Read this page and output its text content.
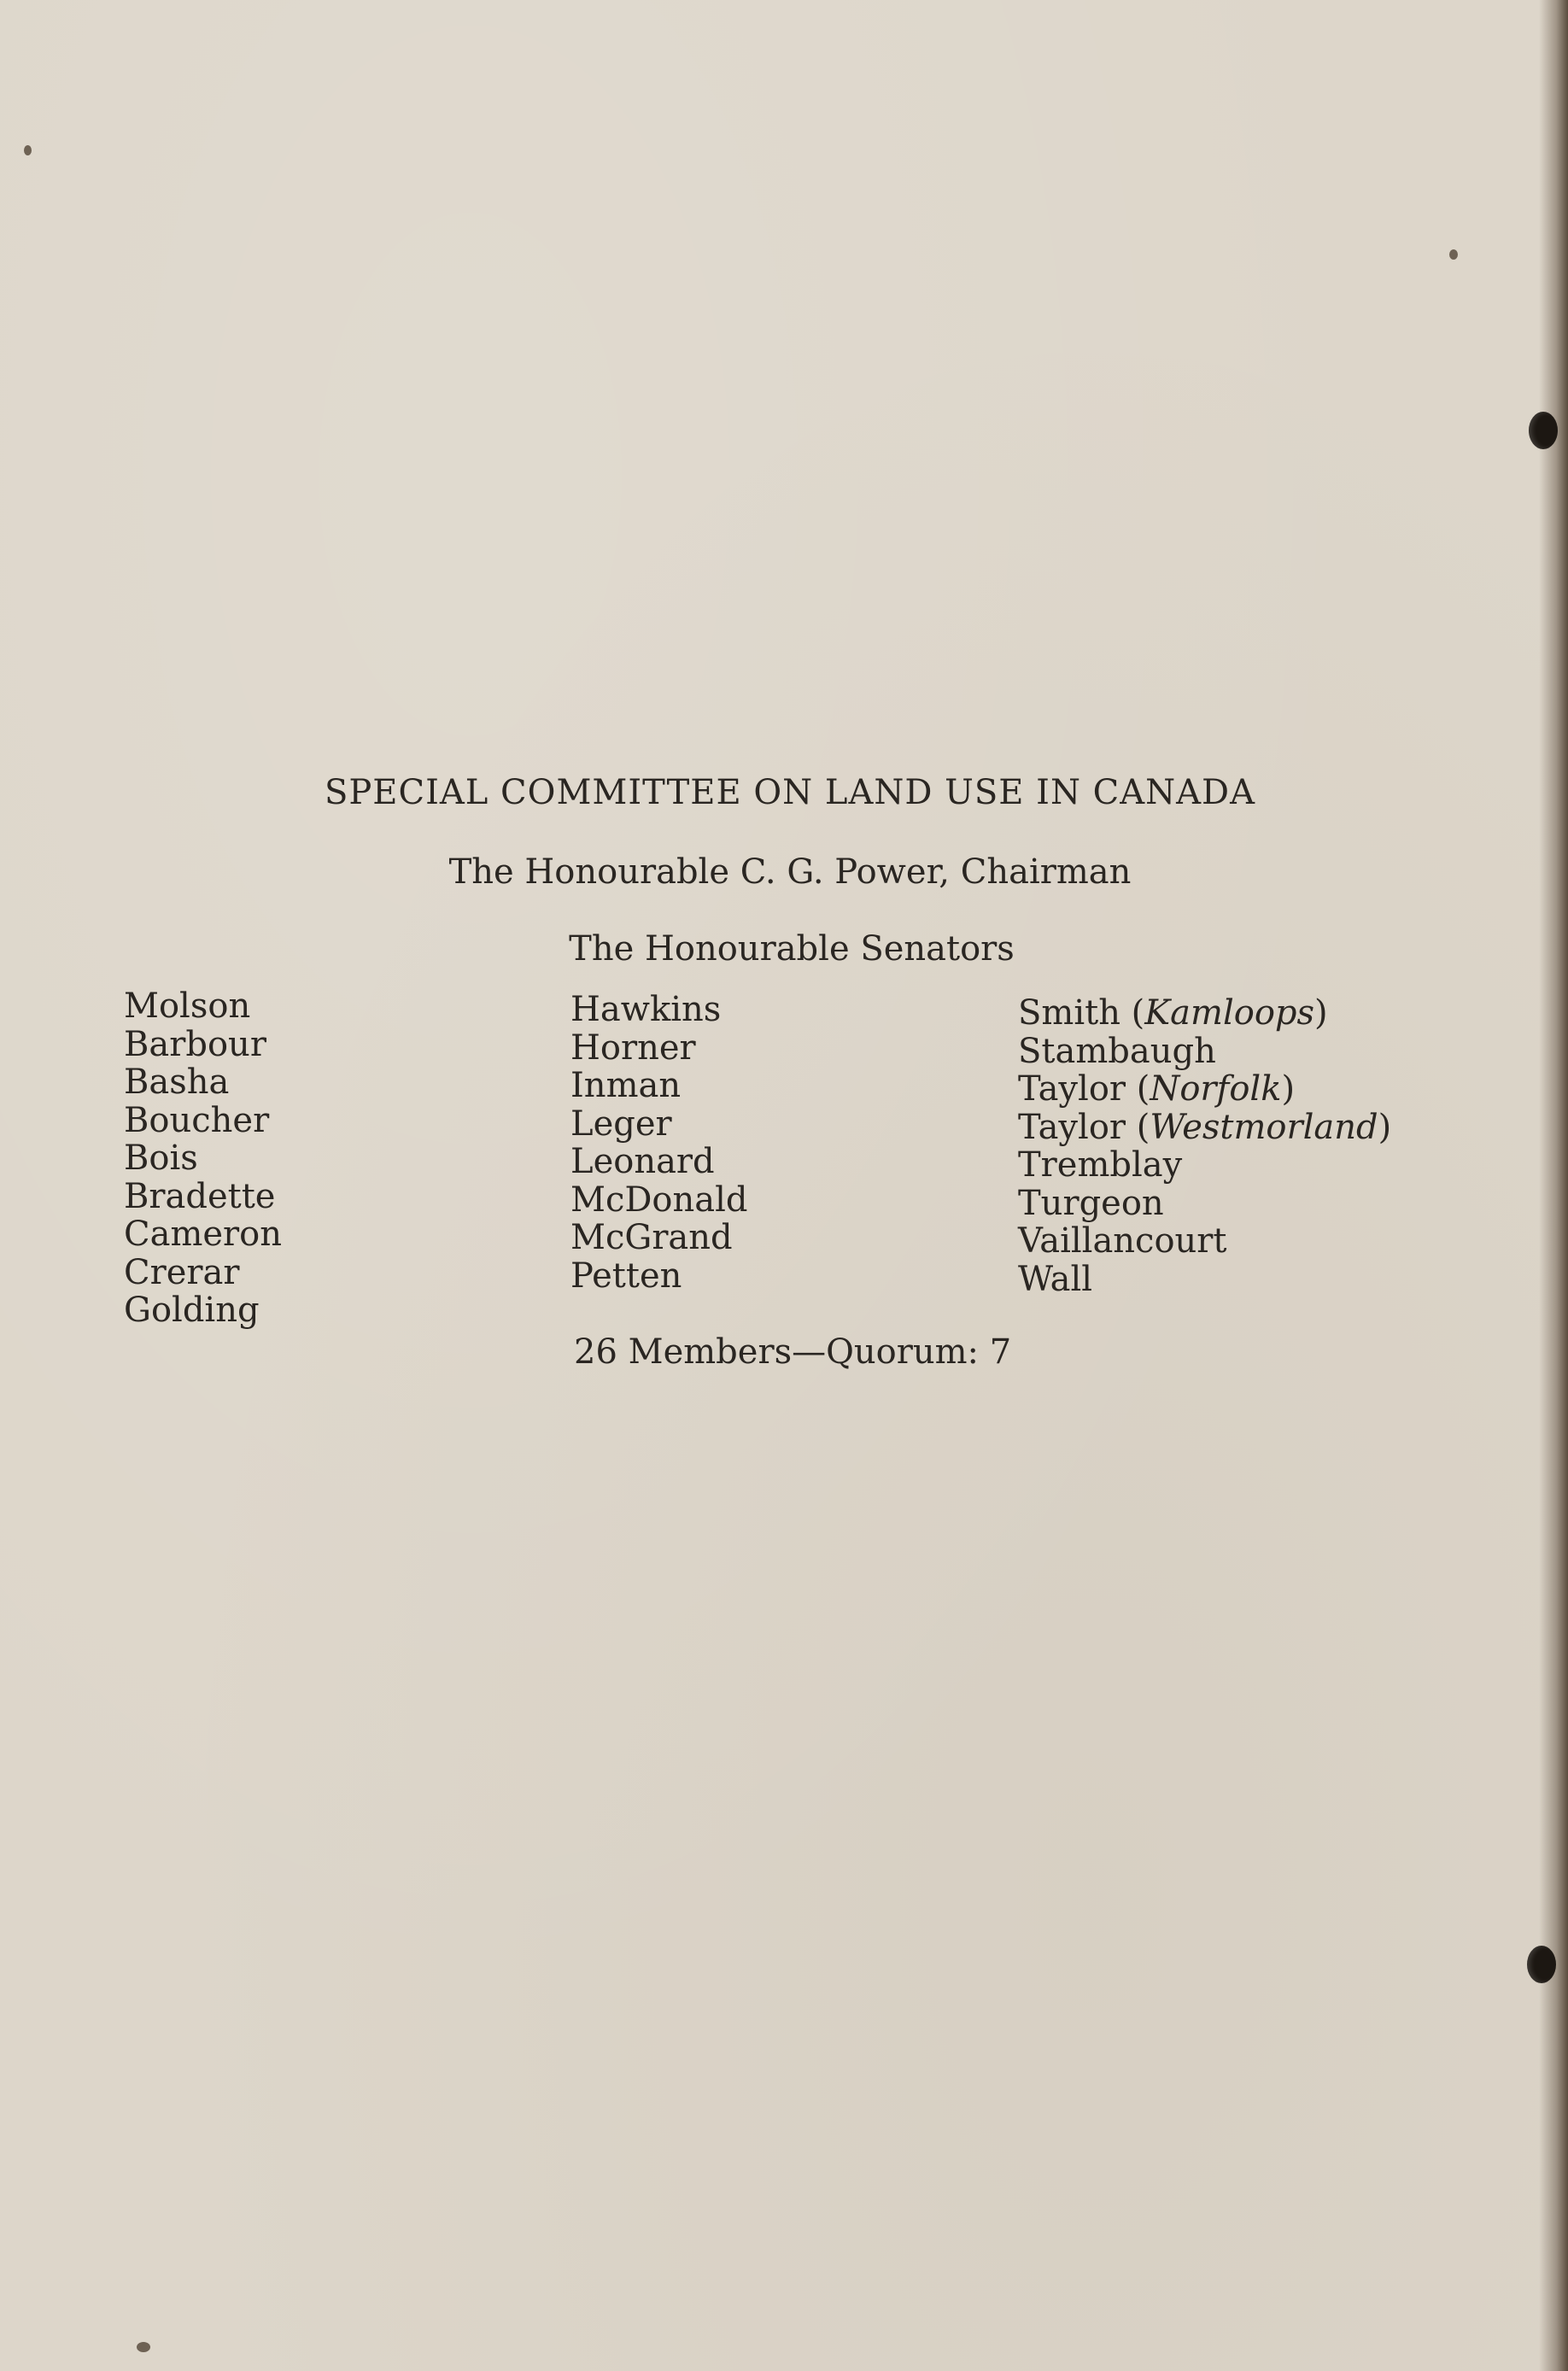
SPECIAL COMMITTEE ON LAND USE IN CANADA
The Honourable C. G. Power, Chairman
The Honourable Senators
Molson
Barbour
Basha
Boucher
Bois
Bradette
Cameron
Crerar
Golding
Hawkins
Horner
Inman
Leger
Leonard
McDonald
McGrand
Petten
Smith (Kamloops)
Stambaugh
Taylor (Norfolk)
Taylor (Westmorland)
Tremblay
Turgeon
Vaillancourt
Wall
26 Members—Quorum: 7
